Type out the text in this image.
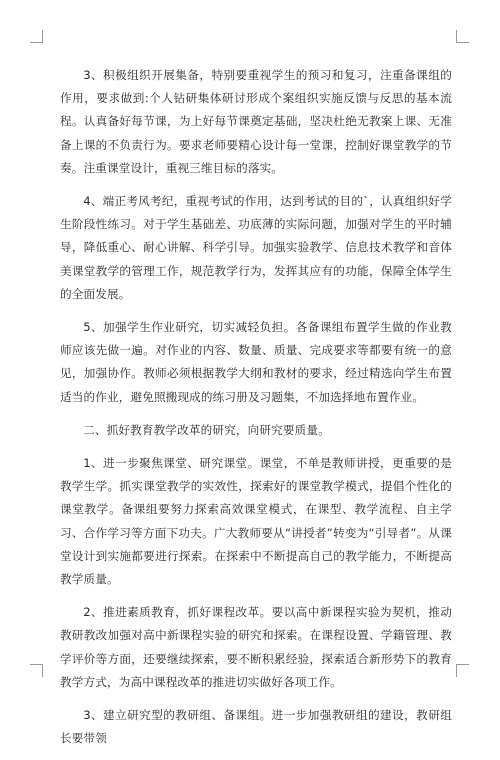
3、积极组织开展集备，特别要重视学生的预习和复习，注重备课组的作用，要求做到:个人钻研集体研讨形成个案组织实施反馈与反思的基本流程。认真备好每节课，为上好每节课奠定基础，坚决杜绝无教案上课、无准备上课的不负责行为。要求老师要精心设计每一堂课，控制好课堂教学的节奏。注重课堂设计，重视三维目标的落实。

4、端正考风考纪，重视考试的作用，达到考试的目的`，认真组织好学生阶段性练习。对于学生基础差、功底薄的实际问题，加强对学生的平时辅导，降低重心、耐心讲解、科学引导。加强实验教学、信息技术教学和音体美课堂教学的管理工作，规范教学行为，发挥其应有的功能，保障全体学生的全面发展。

5、加强学生作业研究，切实减轻负担。各备课组布置学生做的作业教师应该先做一遍。对作业的内容、数量、质量、完成要求等都要有统一的意见，加强协作。教师必须根据教学大纲和教材的要求，经过精选向学生布置适当的作业，避免照搬现成的练习册及习题集，不加选择地布置作业。

二、抓好教育教学改革的研究，向研究要质量。

1、进一步聚焦课堂、研究课堂。课堂，不单是教师讲授，更重要的是教学生学。抓实课堂教学的实效性，探索好的课堂教学模式，提倡个性化的课堂教学。备课组要努力探索高效课堂模式，在课型、教学流程、自主学习、合作学习等方面下功夫。广大教师要从“讲授者”转变为“引导者”。从课堂设计到实施都要进行探索。在探索中不断提高自己的教学能力，不断提高教学质量。

2、推进素质教育，抓好课程改革。要以高中新课程实验为契机，推动教研教改加强对高中新课程实验的研究和探索。在课程设置、学籍管理、教学评价等方面，还要继续探索，要不断积累经验，探索适合新形势下的教育教学方式，为高中课程改革的推进切实做好各项工作。

3、建立研究型的教研组、备课组。进一步加强教研组的建设，教研组长要带领
